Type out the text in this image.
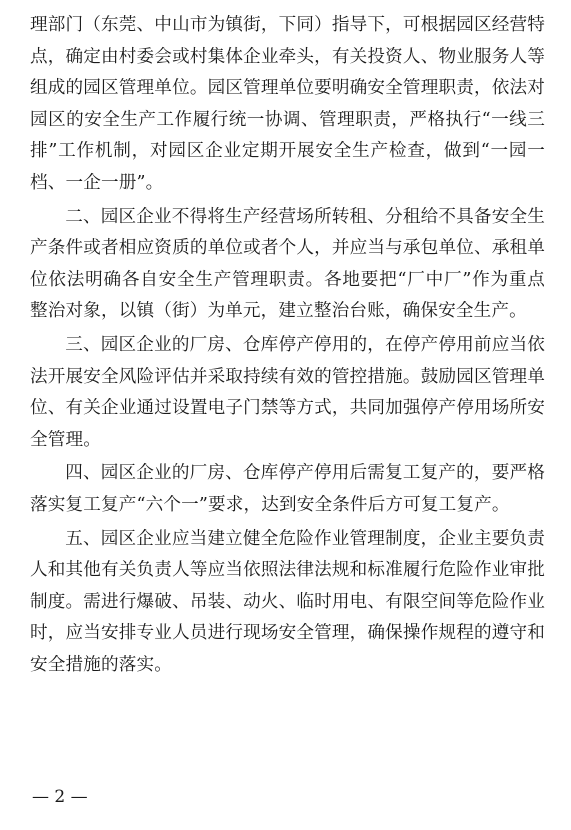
理部门（东莞、中山市为镇街，下同）指导下，可根据园区经营特点，确定由村委会或村集体企业牵头，有关投资人、物业服务人等组成的园区管理单位。园区管理单位要明确安全管理职责，依法对园区的安全生产工作履行统一协调、管理职责，严格执行“一线三排”工作机制，对园区企业定期开展安全生产检查，做到“一园一档、一企一册”。

二、园区企业不得将生产经营场所转租、分租给不具备安全生产条件或者相应资质的单位或者个人，并应当与承包单位、承租单位依法明确各自安全生产管理职责。各地要把“厂中厂”作为重点整治对象，以镇（街）为单元，建立整治台账，确保安全生产。

三、园区企业的厂房、仓库停产停用的，在停产停用前应当依法开展安全风险评估并采取持续有效的管控措施。鼓励园区管理单位、有关企业通过设置电子门禁等方式，共同加强停产停用场所安全管理。

四、园区企业的厂房、仓库停产停用后需复工复产的，要严格落实复工复产“六个一”要求，达到安全条件后方可复工复产。

五、园区企业应当建立健全危险作业管理制度，企业主要负责人和其他有关负责人等应当依照法律法规和标准履行危险作业审批制度。需进行爆破、吊装、动火、临时用电、有限空间等危险作业时，应当安排专业人员进行现场安全管理，确保操作规程的遵守和安全措施的落实。

— 2 —
